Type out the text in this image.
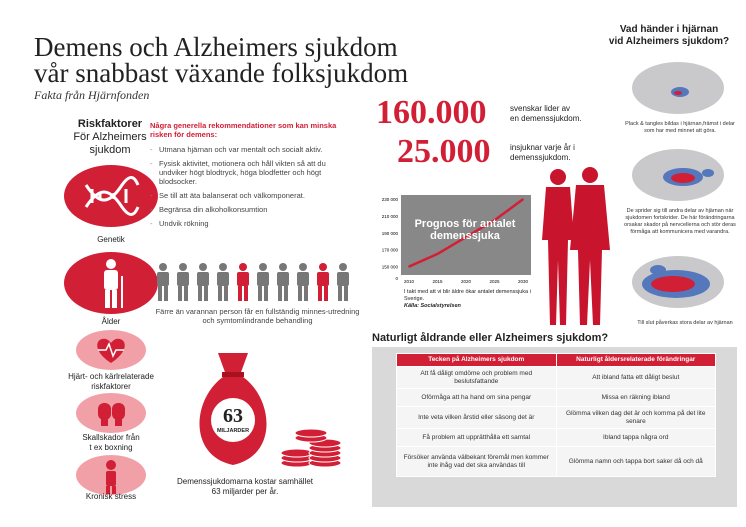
Demens och Alzheimers sjukdom
vår snabbast växande folksjukdom
Fakta från Hjärnfonden
Riskfaktorer
För Alzheimers
sjukdom
Genetik
Ålder
Hjärt- och kärlrelaterade
riskfaktorer
Skallskador från
t ex boxning
Kronisk stress
Några generella rekommendationer som kan minska risken för demens:
- Utmana hjärnan och var mentalt och socialt aktiv.
- Fysisk aktivitet, motionera och håll vikten så att du undviker högt blodtryck, höga blodfetter och högt blodsocker.
- Se till att äta balanserat och välkomponerat.
- Begränsa din alkoholkonsumtion
- Undvik rökning
Färre än varannan person får en fullständig minnes-utredning och symtomlindrande behandling
63
MILJARDER
Demenssjukdomarna kostar samhället
63 miljarder per år.
160.000	svenskar lider av
en demenssjukdom.
25.000 insjuknar varje år i
demenssjukdom.
230 000
210 000
190 000
170 000
150 000
0
2010	2015	2020	2025	2030
Prognos för antalet demenssjuka
I takt med att vi blir äldre ökar antalet demenssjuka i Sverige.
Källa: Socialstyrelsen
Vad händer i hjärnan
vid Alzheimers sjukdom?
Plack & tangles bildas i hjärnan,främst i delar som har med minnet att göra.
De sprider sig till andra delar av hjärnan när sjukdomen fortskrider. De här förändringarna orsakar skador på nervcellerna och stör deras förmåga att kommunicera med varandra.
Till slut påverkas stora delar av hjärnan
Naturligt åldrande eller Alzheimers sjukdom?
Tecken på Alzheimers sjukdom	Naturligt åldersrelaterade förändringar
Att få dåligt omdöme och problem med beslutsfattande	Att ibland fatta ett dåligt beslut
Oförmåga att ha hand om sina pengar	Missa en räkning ibland
Inte veta vilken årstid eller säsong det är	Glömma vilken dag det är och komma på det lite senare
Få problem att upprätthålla ett samtal	Ibland tappa några ord
Försöker använda välbekant föremål men kommer inte ihåg vad det ska användas till	Glömma namn och tappa bort saker då och då
